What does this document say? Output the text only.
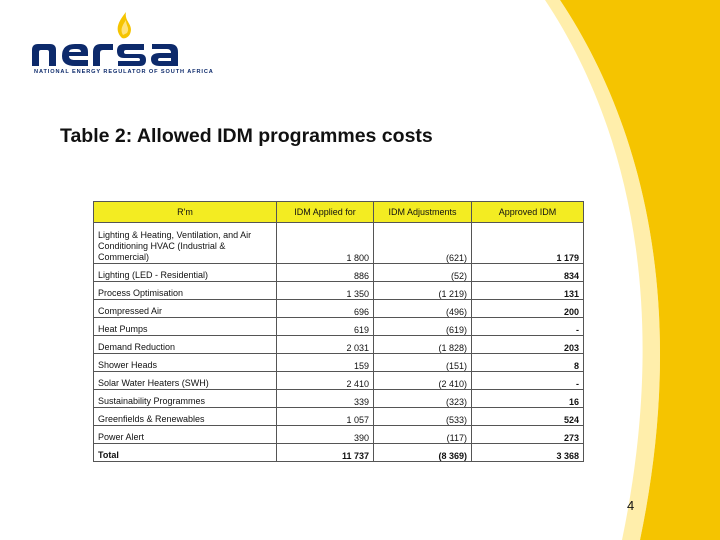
NATIONAL ENERGY REGULATOR OF SOUTH AFRICA
Table 2: Allowed IDM programmes costs
R'm	IDM Applied for	IDM Adjustments	Approved IDM
Lighting & Heating, Ventilation, and Air Conditioning HVAC (Industrial & Commercial)	1 800	(621)	1 179
Lighting (LED - Residential)	886	(52)	834
Process Optimisation	1 350	(1 219)	131
Compressed Air	696	(496)	200
Heat Pumps	619	(619)	-
Demand Reduction	2 031	(1 828)	203
Shower Heads	159	(151)	8
Solar Water Heaters (SWH)	2 410	(2 410)	-
Sustainability Programmes	339	(323)	16
Greenfields & Renewables	1 057	(533)	524
Power Alert	390	(117)	273
Total	11 737	(8 369)	3 368
4
